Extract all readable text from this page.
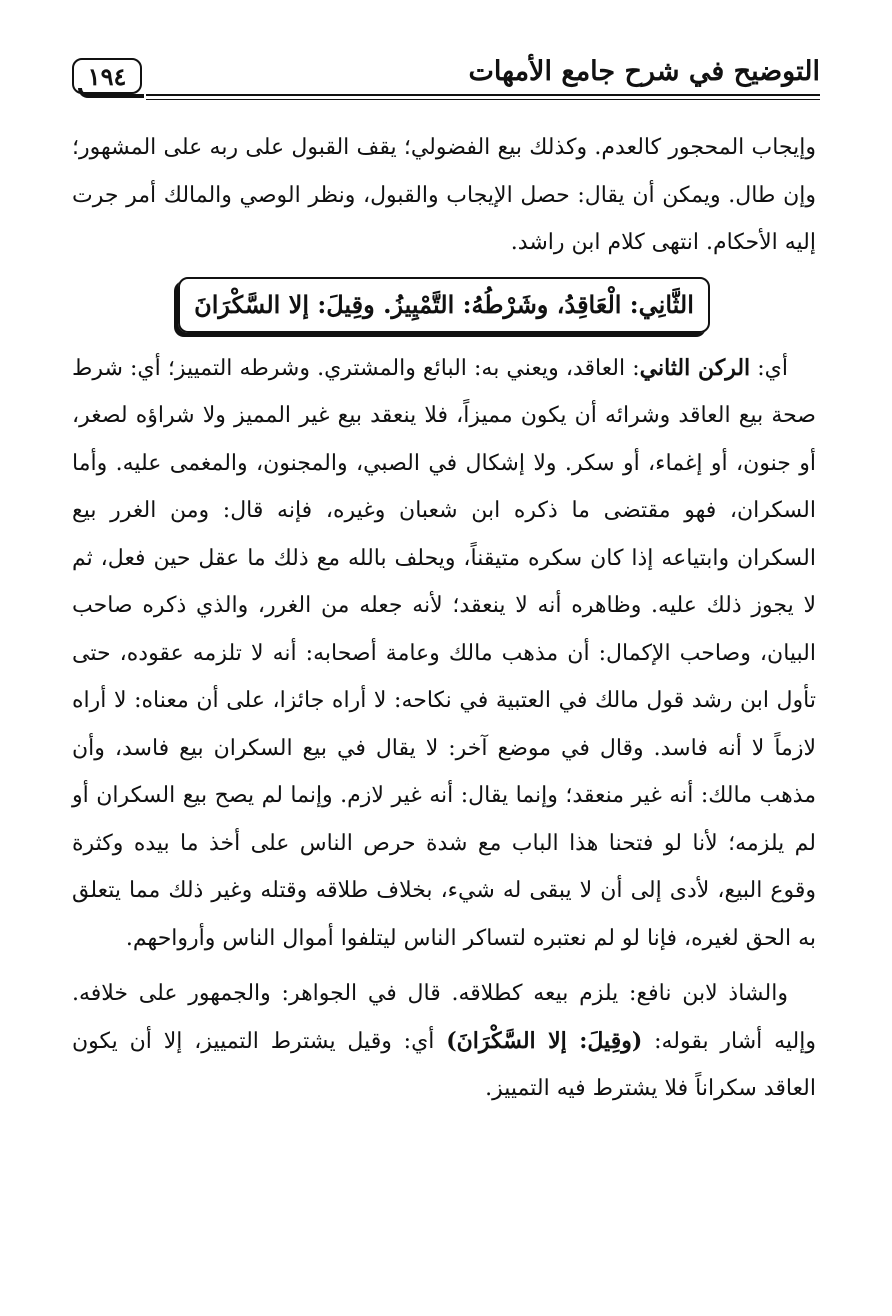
التوضيح في شرح جامع الأمهات
١٩٤

وإيجاب المحجور كالعدم. وكذلك بيع الفضولي؛ يقف القبول على ربه على المشهور؛ وإن طال. ويمكن أن يقال: حصل الإيجاب والقبول، ونظر الوصي والمالك أمر جرت إليه الأحكام. انتهى كلام ابن راشد.

الثَّانِي: الْعَاقِدُ، وشَرْطُهُ: التَّمْيِيزُ. وقِيلَ: إلا السَّكْرَانَ

أي: الركن الثاني: العاقد، ويعني به: البائع والمشتري. وشرطه التمييز؛ أي: شرط صحة بيع العاقد وشرائه أن يكون مميزاً، فلا ينعقد بيع غير المميز ولا شراؤه لصغر، أو جنون، أو إغماء، أو سكر. ولا إشكال في الصبي، والمجنون، والمغمى عليه. وأما السكران، فهو مقتضى ما ذكره ابن شعبان وغيره، فإنه قال: ومن الغرر بيع السكران وابتياعه إذا كان سكره متيقناً، ويحلف بالله مع ذلك ما عقل حين فعل، ثم لا يجوز ذلك عليه. وظاهره أنه لا ينعقد؛ لأنه جعله من الغرر، والذي ذكره صاحب البيان، وصاحب الإكمال: أن مذهب مالك وعامة أصحابه: أنه لا تلزمه عقوده، حتى تأول ابن رشد قول مالك في العتبية في نكاحه: لا أراه جائزا، على أن معناه: لا أراه لازماً لا أنه فاسد. وقال في موضع آخر: لا يقال في بيع السكران بيع فاسد، وأن مذهب مالك: أنه غير منعقد؛ وإنما يقال: أنه غير لازم. وإنما لم يصح بيع السكران أو لم يلزمه؛ لأنا لو فتحنا هذا الباب مع شدة حرص الناس على أخذ ما بيده وكثرة وقوع البيع، لأدى إلى أن لا يبقى له شيء، بخلاف طلاقه وقتله وغير ذلك مما يتعلق به الحق لغيره، فإنا لو لم نعتبره لتساكر الناس ليتلفوا أموال الناس وأرواحهم.

والشاذ لابن نافع: يلزم بيعه كطلاقه. قال في الجواهر: والجمهور على خلافه. وإليه أشار بقوله: (وقِيلَ: إلا السَّكْرَانَ) أي: وقيل يشترط التمييز، إلا أن يكون العاقد سكراناً فلا يشترط فيه التمييز.
